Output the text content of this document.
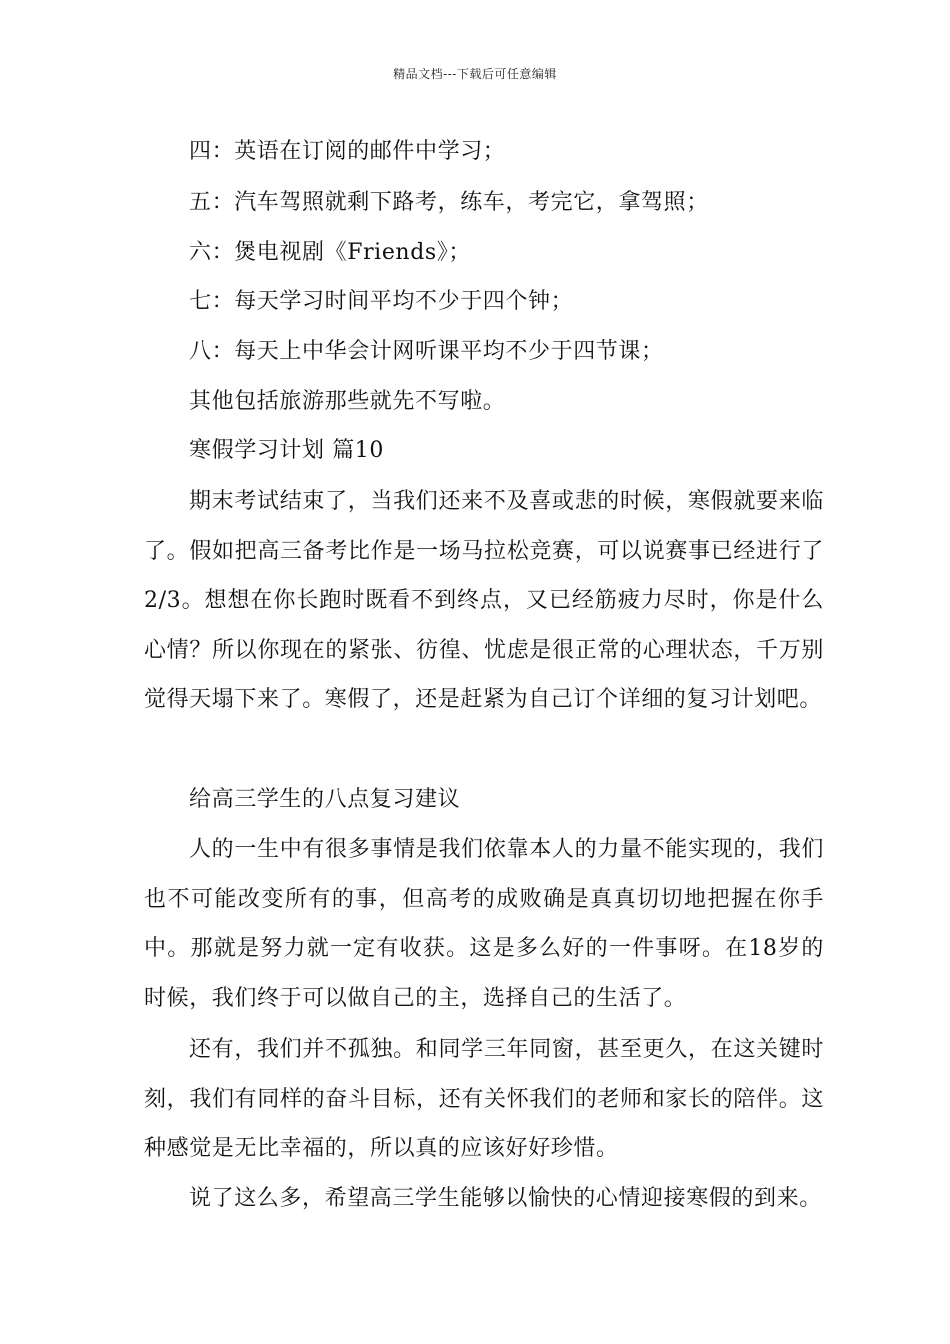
精品文档---下载后可任意编辑
四：英语在订阅的邮件中学习；
五：汽车驾照就剩下路考，练车，考完它，拿驾照；
六：煲电视剧《Friends》；
七：每天学习时间平均不少于四个钟；
八：每天上中华会计网听课平均不少于四节课；
其他包括旅游那些就先不写啦。
寒假学习计划 篇10

期末考试结束了，当我们还来不及喜或悲的时候，寒假就要来临了。假如把高三备考比作是一场马拉松竞赛，可以说赛事已经进行了2/3。想想在你长跑时既看不到终点，又已经筋疲力尽时，你是什么心情？所以你现在的紧张、彷徨、忧虑是很正常的心理状态，千万别觉得天塌下来了。寒假了，还是赶紧为自己订个详细的复习计划吧。

给高三学生的八点复习建议

人的一生中有很多事情是我们依靠本人的力量不能实现的，我们也不可能改变所有的事，但高考的成败确是真真切切地把握在你手中。那就是努力就一定有收获。这是多么好的一件事呀。在18岁的时候，我们终于可以做自己的主，选择自己的生活了。

还有，我们并不孤独。和同学三年同窗，甚至更久，在这关键时刻，我们有同样的奋斗目标，还有关怀我们的老师和家长的陪伴。这种感觉是无比幸福的，所以真的应该好好珍惜。

说了这么多，希望高三学生能够以愉快的心情迎接寒假的到来。
